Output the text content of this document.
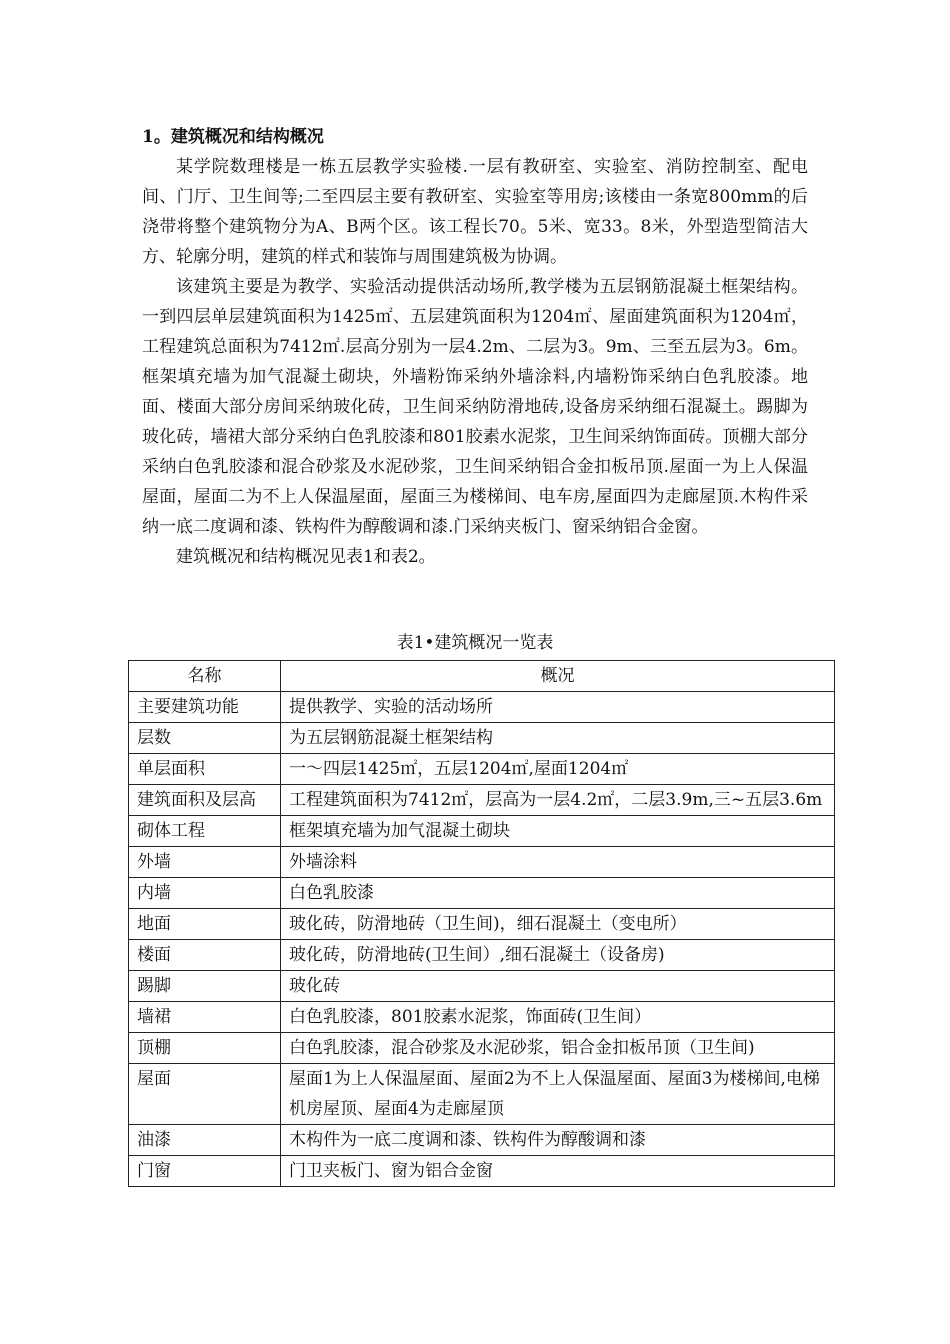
1。建筑概况和结构概况

某学院数理楼是一栋五层教学实验楼.一层有教研室、实验室、消防控制室、配电间、门厅、卫生间等;二至四层主要有教研室、实验室等用房;该楼由一条宽800mm的后浇带将整个建筑物分为A、B两个区。该工程长70。5米、宽33。8米，外型造型简洁大方、轮廓分明，建筑的样式和装饰与周围建筑极为协调。

该建筑主要是为教学、实验活动提供活动场所,教学楼为五层钢筋混凝土框架结构。一到四层单层建筑面积为1425㎡、五层建筑面积为1204㎡、屋面建筑面积为1204㎡，工程建筑总面积为7412㎡.层高分别为一层4.2m、二层为3。9m、三至五层为3。6m。框架填充墙为加气混凝土砌块，外墙粉饰采纳外墙涂料,内墙粉饰采纳白色乳胶漆。地面、楼面大部分房间采纳玻化砖，卫生间采纳防滑地砖,设备房采纳细石混凝土。踢脚为玻化砖，墙裙大部分采纳白色乳胶漆和801胶素水泥浆，卫生间采纳饰面砖。顶棚大部分采纳白色乳胶漆和混合砂浆及水泥砂浆，卫生间采纳铝合金扣板吊顶.屋面一为上人保温屋面，屋面二为不上人保温屋面，屋面三为楼梯间、电车房,屋面四为走廊屋顶.木构件采纳一底二度调和漆、铁构件为醇酸调和漆.门采纳夹板门、窗采纳铝合金窗。

建筑概况和结构概况见表1和表2。

表1•建筑概况一览表
名称	概况
主要建筑功能	提供教学、实验的活动场所
层数	为五层钢筋混凝土框架结构
单层面积	一～四层1425㎡，五层1204㎡,屋面1204㎡
建筑面积及层高	工程建筑面积为7412㎡，层高为一层4.2㎡，二层3.9m,三~五层3.6m
砌体工程	框架填充墙为加气混凝土砌块
外墙	外墙涂料
内墙	白色乳胶漆
地面	玻化砖，防滑地砖（卫生间)，细石混凝土（变电所）
楼面	玻化砖，防滑地砖(卫生间）,细石混凝土（设备房)
踢脚	玻化砖
墙裙	白色乳胶漆，801胶素水泥浆，饰面砖(卫生间）
顶棚	白色乳胶漆，混合砂浆及水泥砂浆，铝合金扣板吊顶（卫生间)
屋面	屋面1为上人保温屋面、屋面2为不上人保温屋面、屋面3为楼梯间,电梯机房屋顶、屋面4为走廊屋顶
油漆	木构件为一底二度调和漆、铁构件为醇酸调和漆
门窗	门卫夹板门、窗为铝合金窗
